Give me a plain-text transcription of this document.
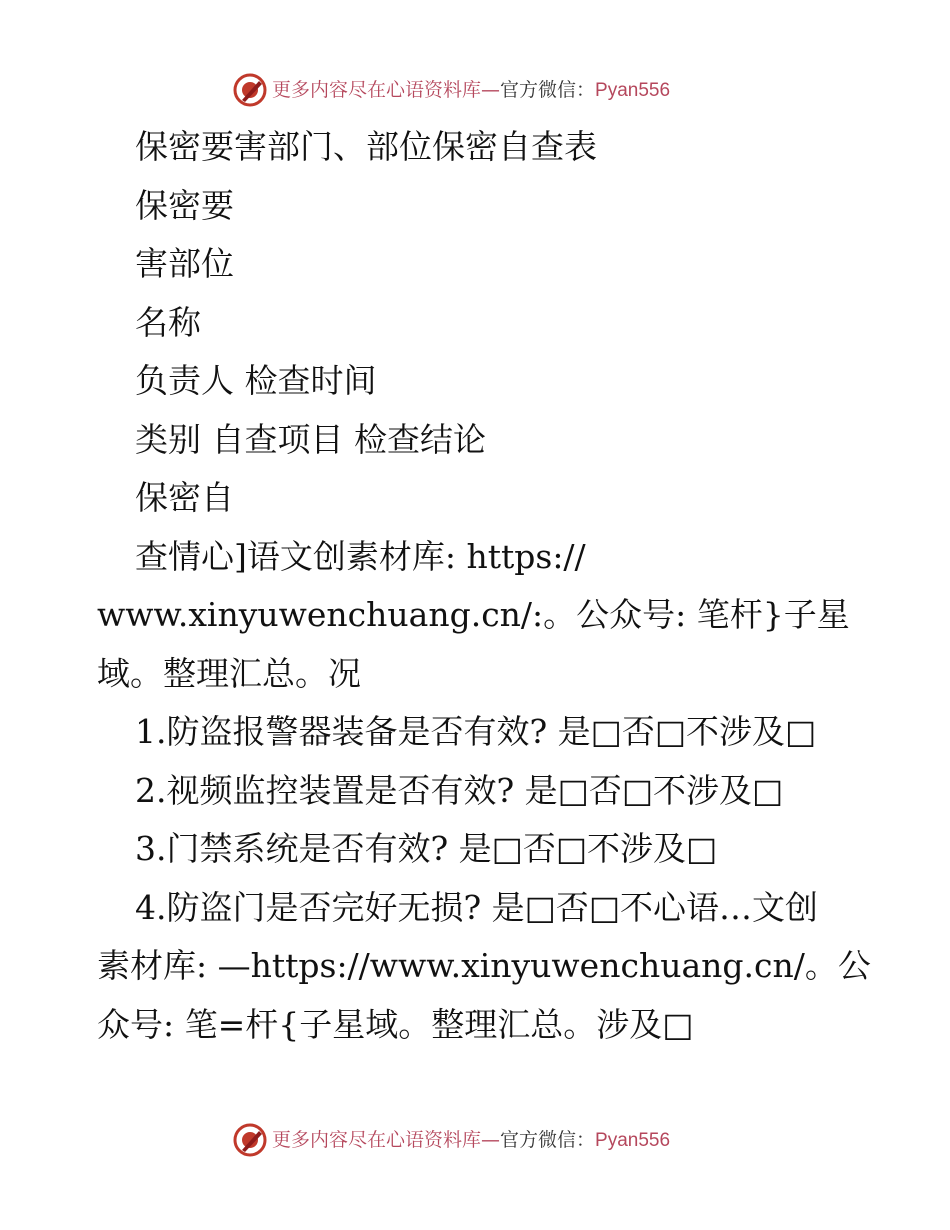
更多内容尽在心语资料库—官方微信：Pyan556
保密要害部门、部位保密自查表
保密要
害部位
名称
负责人 检查时间
类别 自查项目 检查结论
保密自
查情心]语文创素材库: https://
www.xinyuwenchuang.cn/:。公众号: 笔杆}子星
域。整理汇总。况
1.防盗报警器装备是否有效? 是□否□不涉及□
2.视频监控装置是否有效? 是□否□不涉及□
3.门禁系统是否有效? 是□否□不涉及□
4.防盗门是否完好无损? 是□否□不心语…文创
素材库: —https://www.xinyuwenchuang.cn/。公
众号: 笔=杆{子星域。整理汇总。涉及□
更多内容尽在心语资料库—官方微信：Pyan556
